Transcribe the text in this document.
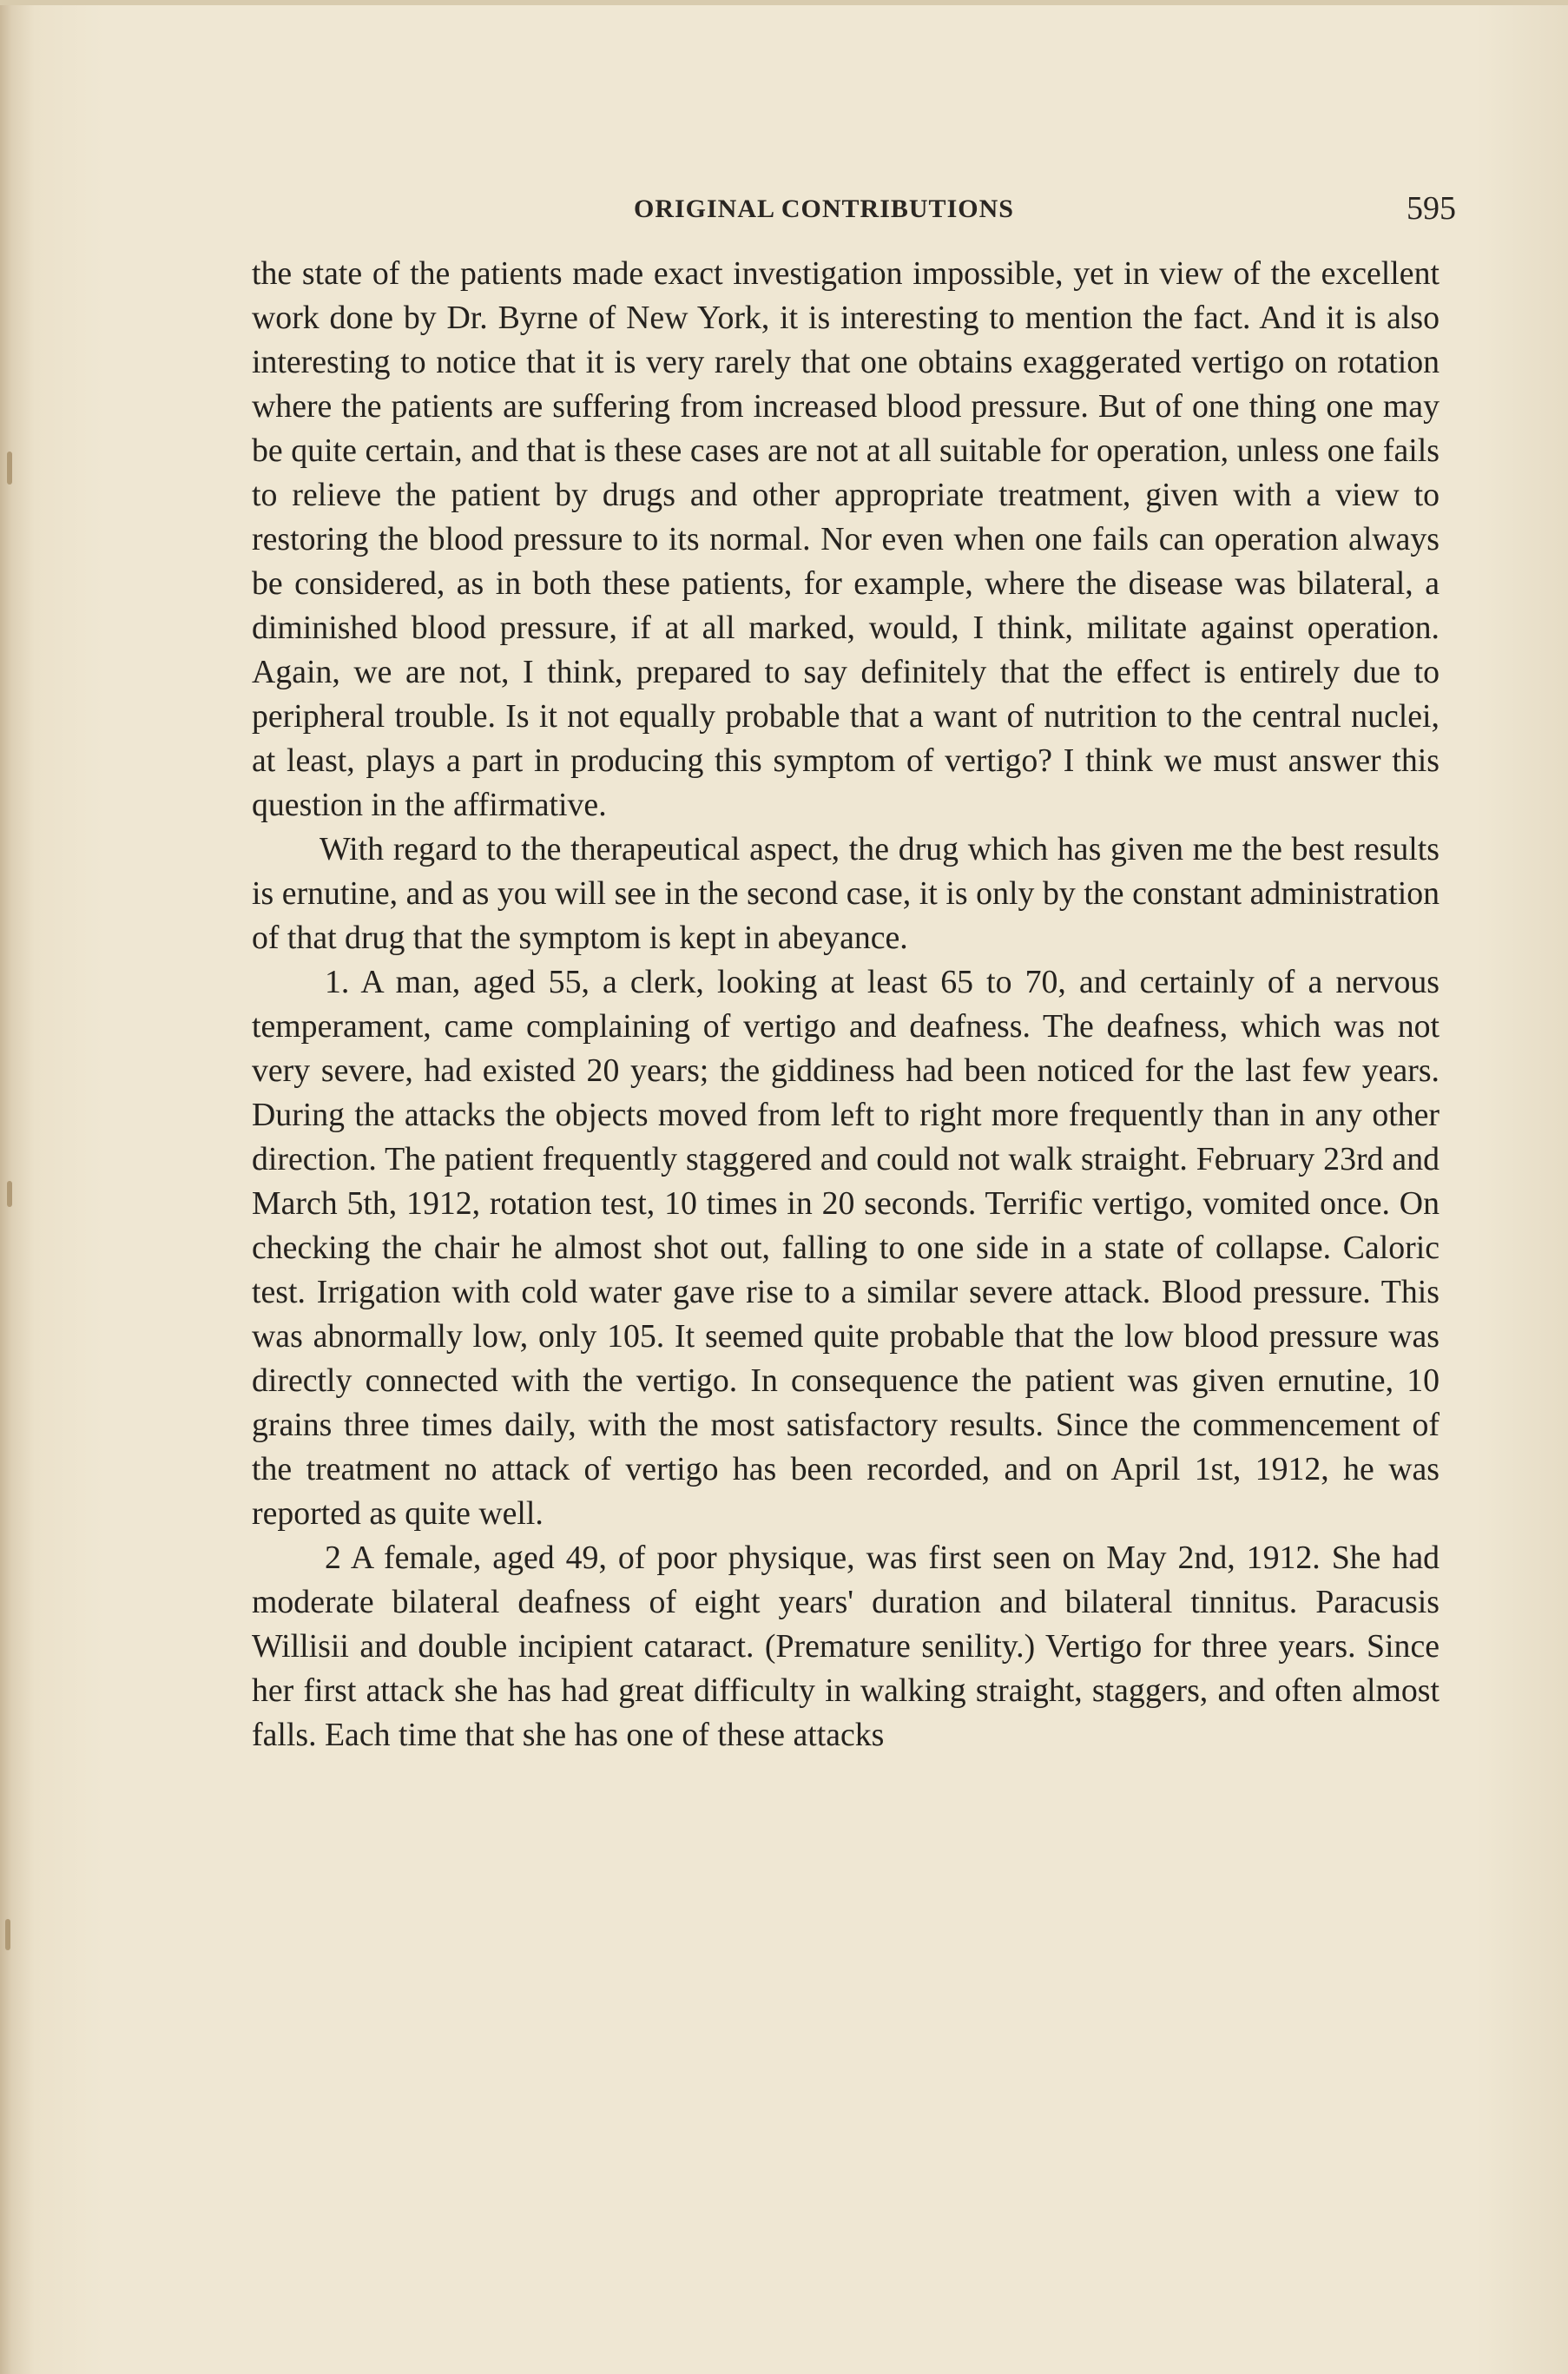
ORIGINAL CONTRIBUTIONS	595

the state of the patients made exact investigation impossible, yet in view of the excellent work done by Dr. Byrne of New York, it is interesting to mention the fact. And it is also interesting to notice that it is very rarely that one obtains exaggerated vertigo on rotation where the patients are suffering from increased blood pressure. But of one thing one may be quite certain, and that is these cases are not at all suitable for operation, unless one fails to relieve the patient by drugs and other appropriate treatment, given with a view to restoring the blood pressure to its normal. Nor even when one fails can operation always be considered, as in both these patients, for example, where the disease was bilateral, a diminished blood pressure, if at all marked, would, I think, militate against operation. Again, we are not, I think, prepared to say definitely that the effect is entirely due to peripheral trouble. Is it not equally probable that a want of nutrition to the central nuclei, at least, plays a part in producing this symptom of vertigo? I think we must answer this question in the affirmative.

With regard to the therapeutical aspect, the drug which has given me the best results is ernutine, and as you will see in the second case, it is only by the constant administration of that drug that the symptom is kept in abeyance.

1. A man, aged 55, a clerk, looking at least 65 to 70, and certainly of a nervous temperament, came complaining of vertigo and deafness. The deafness, which was not very severe, had existed 20 years; the giddiness had been noticed for the last few years. During the attacks the objects moved from left to right more frequently than in any other direction. The patient frequently staggered and could not walk straight. February 23rd and March 5th, 1912, rotation test, 10 times in 20 seconds. Terrific vertigo, vomited once. On checking the chair he almost shot out, falling to one side in a state of collapse. Caloric test. Irrigation with cold water gave rise to a similar severe attack. Blood pressure. This was abnormally low, only 105. It seemed quite probable that the low blood pressure was directly connected with the vertigo. In consequence the patient was given ernutine, 10 grains three times daily, with the most satisfactory results. Since the commencement of the treatment no attack of vertigo has been recorded, and on April 1st, 1912, he was reported as quite well.

2 A female, aged 49, of poor physique, was first seen on May 2nd, 1912. She had moderate bilateral deafness of eight years' duration and bilateral tinnitus. Paracusis Willisii and double incipient cataract. (Premature senility.) Vertigo for three years. Since her first attack she has had great difficulty in walking straight, staggers, and often almost falls. Each time that she has one of these attacks
